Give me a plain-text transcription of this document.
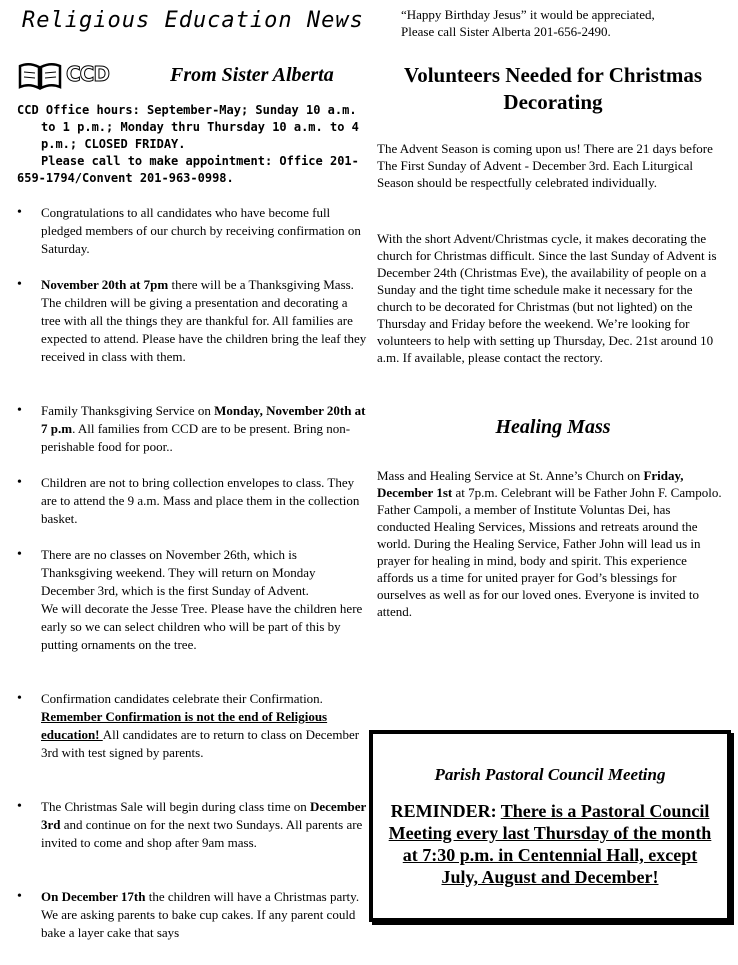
Religious Education News	“Happy Birthday Jesus” it would be appreciated,
Please call Sister Alberta 201-656-2490.
CCD	From Sister Alberta
CCD Office hours: September-May; Sunday 10 a.m. to 1 p.m.; Monday thru Thursday 10 a.m. to 4 p.m.; CLOSED FRIDAY.
Please call to make appointment: Office 201-659-1794/Convent 201-963-0998.
• Congratulations to all candidates who have become full pledged members of our church by receiving confirmation on Saturday.
• November 20th at 7pm there will be a Thanksgiving Mass. The children will be giving a presentation and decorating a tree with all the things they are thankful for. All families are expected to attend. Please have the children bring the leaf they received in class with them.
• Family Thanksgiving Service on Monday, November 20th at 7 p.m. All families from CCD are to be present. Bring non-perishable food for poor..
• Children are not to bring collection envelopes to class. They are to attend the 9 a.m. Mass and place them in the collection basket.
• There are no classes on November 26th, which is Thanksgiving weekend. They will return on Monday December 3rd, which is the first Sunday of Advent.
We will decorate the Jesse Tree. Please have the children here early so we can select children who will be part of this by putting ornaments on the tree.
• Confirmation candidates celebrate their Confirmation.
Remember Confirmation is not the end of Religious education! All candidates are to return to class on December 3rd with test signed by parents.
• The Christmas Sale will begin during class time on December 3rd and continue on for the next two Sundays. All parents are invited to come and shop after 9am mass.
• On December 17th the children will have a Christmas party. We are asking parents to bake cup cakes. If any parent could bake a layer cake that says
Volunteers Needed for Christmas Decorating

The Advent Season is coming upon us! There are 21 days before The First Sunday of Advent - December 3rd. Each Liturgical Season should be respectfully celebrated individually.

With the short Advent/Christmas cycle, it makes decorating the church for Christmas difficult. Since the last Sunday of Advent is December 24th (Christmas Eve), the availability of people on a Sunday and the tight time schedule make it necessary for the church to be decorated for Christmas (but not lighted) on the Thursday and Friday before the weekend. We’re looking for volunteers to help with setting up Thursday, Dec. 21st around 10 a.m. If available, please contact the rectory.

Healing Mass

Mass and Healing Service at St. Anne’s Church on Friday, December 1st at 7p.m. Celebrant will be Father John F. Campolo. Father Campoli, a member of Institute Voluntas Dei, has conducted Healing Services, Missions and retreats around the world. During the Healing Service, Father John will lead us in prayer for healing in mind, body and spirit. This experience affords us a time for united prayer for God’s blessings for ourselves as well as for our loved ones. Everyone is invited to attend.

Parish Pastoral Council Meeting
REMINDER: There is a Pastoral Council Meeting every last Thursday of the month at 7:30 p.m. in Centennial Hall, except July, August and December!
